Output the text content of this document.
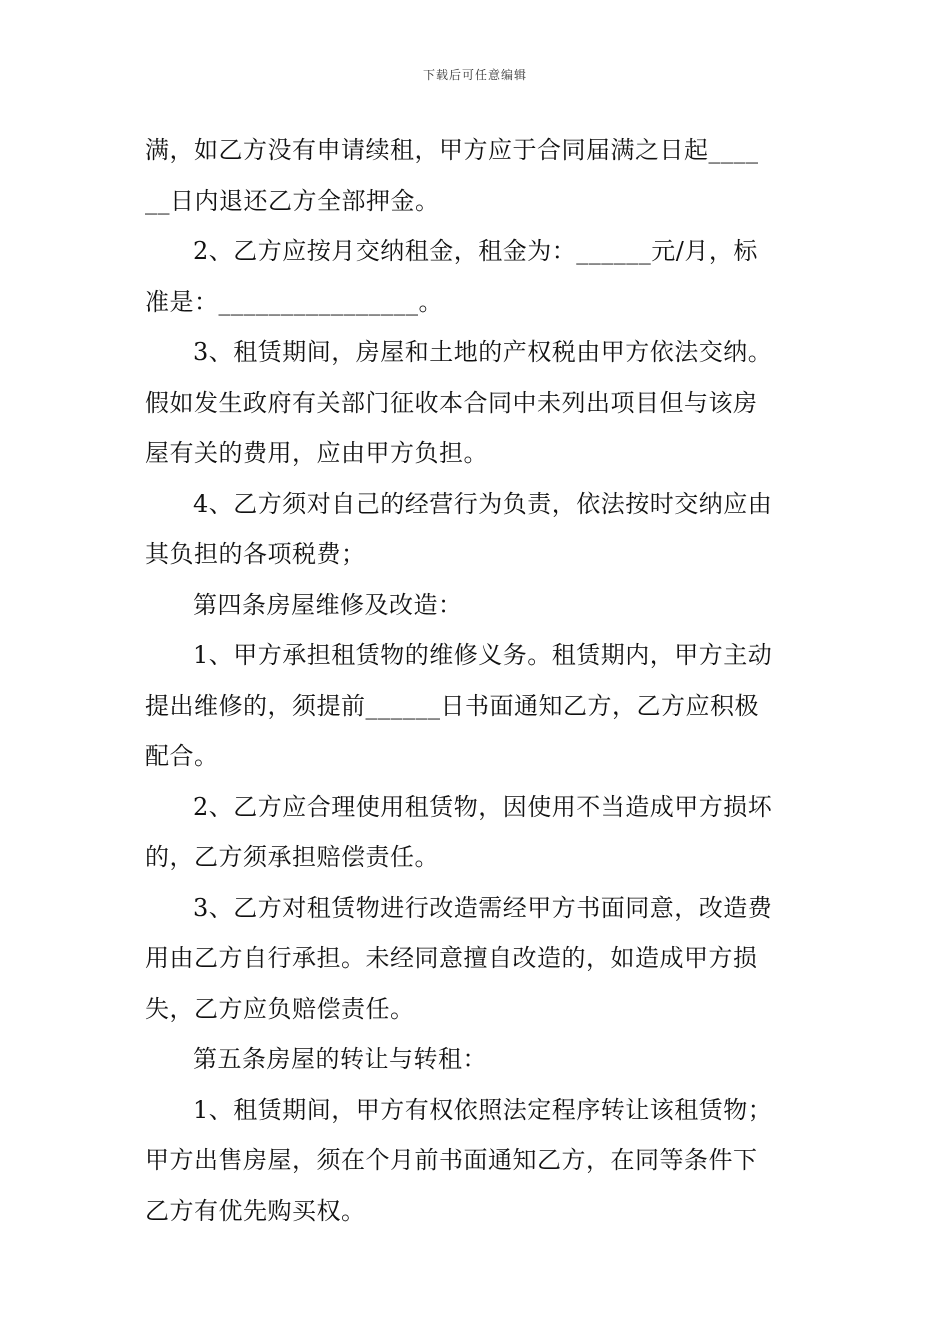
下载后可任意编辑
满，如乙方没有申请续租，甲方应于合同届满之日起____
__日内退还乙方全部押金。
2、乙方应按月交纳租金，租金为：______元/月，标
准是：________________。
3、租赁期间，房屋和土地的产权税由甲方依法交纳。
假如发生政府有关部门征收本合同中未列出项目但与该房
屋有关的费用，应由甲方负担。
4、乙方须对自己的经营行为负责，依法按时交纳应由
其负担的各项税费；
第四条房屋维修及改造：
1、甲方承担租赁物的维修义务。租赁期内，甲方主动
提出维修的，须提前______日书面通知乙方，乙方应积极
配合。
2、乙方应合理使用租赁物，因使用不当造成甲方损坏
的，乙方须承担赔偿责任。
3、乙方对租赁物进行改造需经甲方书面同意，改造费
用由乙方自行承担。未经同意擅自改造的，如造成甲方损
失，乙方应负赔偿责任。
第五条房屋的转让与转租：
1、租赁期间，甲方有权依照法定程序转让该租赁物；
甲方出售房屋，须在个月前书面通知乙方，在同等条件下
乙方有优先购买权。
